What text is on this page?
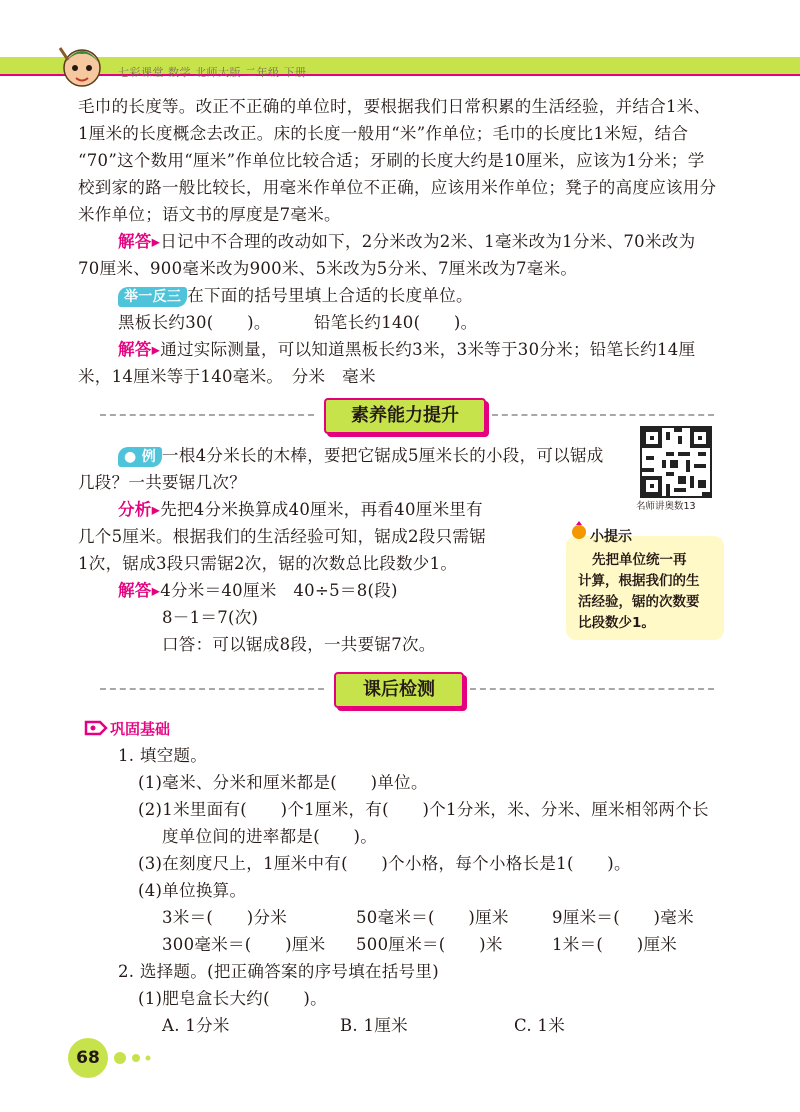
七彩课堂 数学 北师大版 二年级 下册
毛巾的长度等。改正不正确的单位时，要根据我们日常积累的生活经验，并结合1米、
1厘米的长度概念去改正。床的长度一般用“米”作单位；毛巾的长度比1米短，结合
“70”这个数用“厘米”作单位比较合适；牙刷的长度大约是10厘米，应该为1分米；学
校到家的路一般比较长，用毫米作单位不正确，应该用米作单位；凳子的高度应该用分
米作单位；语文书的厚度是7毫米。
解答▸日记中不合理的改动如下，2分米改为2米、1毫米改为1分米、70米改为
70厘米、900毫米改为900米、5米改为5分米、7厘米改为7毫米。
举一反三 在下面的括号里填上合适的长度单位。
黑板长约30(　　)。	铅笔长约140(　　)。
解答▸通过实际测量，可以知道黑板长约3米，3米等于30分米；铅笔长约14厘
米，14厘米等于140毫米。　分米　毫米
素养能力提升
● 例 一根4分米长的木棒，要把它锯成5厘米长的小段，可以锯成
几段？一共要锯几次？
名师讲奥数13
分析▸先把4分米换算成40厘米，再看40厘米里有
几个5厘米。根据我们的生活经验可知，锯成2段只需锯
1次，锯成3段只需锯2次，锯的次数总比段数少1。
小提示
先把单位统一再
计算，根据我们的生
活经验，锯的次数要
比段数少1。
解答▸4分米＝40厘米　40÷5＝8(段)
8－1＝7(次)
口答：可以锯成8段，一共要锯7次。
课后检测
巩固基础
1. 填空题。
(1)毫米、分米和厘米都是(　　)单位。
(2)1米里面有(　　)个1厘米，有(　　)个1分米，米、分米、厘米相邻两个长
度单位间的进率都是(　　)。
(3)在刻度尺上，1厘米中有(　　)个小格，每个小格长是1(　　)。
(4)单位换算。
3米＝(　　)分米	50毫米＝(　　)厘米	9厘米＝(　　)毫米
300毫米＝(　　)厘米 500厘米＝(　　)米	1米＝(　　)厘米
2. 选择题。(把正确答案的序号填在括号里)
(1)肥皂盒长大约(　　)。
A. 1分米	B. 1厘米	C. 1米
68
